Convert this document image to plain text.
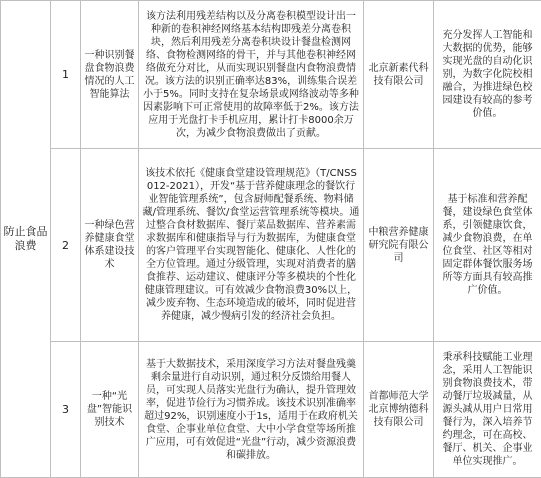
防止食品浪费	1	一种识别餐盘食物浪费情况的人工智能算法	该方法利用残差结构以及分离卷积模型设计出一种新的卷积神经网络基本结构即残差分离卷积块，然后利用残差分离卷积块设计餐盘检测网络、食物检测网络的骨干，并与其他卷积神经网络做充分对比，从而实现识别餐盘内食物浪费情况。该方法的识别正确率达83%，训练集合误差小于5%。同时支持在复杂场景或网络波动等多种因素影响下可正常使用的故障率低于2%。该方法应用于光盘打卡手机应用，累计打卡8000余万次，为减少食物浪费做出了贡献。	北京新素代科技有限公司	充分发挥人工智能和大数据的优势，能够实现光盘的自动化识别，为数字化院校相融合，为推进绿色校园建设有较高的参考价值。
	2	一种绿色营养健康食堂体系建设技术	该技术依托《健康食堂建设管理规范》（T/CNSS 012-2021），开发“基于营养健康理念的餐饮行业智能管理系统”，包含厨师配餐系统、物料储藏/管理系统、餐饮/食堂运营管理系统等模块。通过整合食材数据库、餐厅菜品数据库、营养素需求数据库和健康指导与行为数据库，为健康食堂的客户管理平台实现智能化、健康化、人性化的全方位管理。通过分级管理，实现对消费者的膳食推荐、运动建议、健康评分等多模块的个性化健康管理建议。可有效减少食物浪费30%以上，减少废弃物、生态环境造成的破坏，同时促进营养健康，减少慢病引发的经济社会负担。	中粮营养健康研究院有限公司	基于标准和营养配餐，建设绿色食堂体系，引领健康饮食，减少食物浪费，在单位食堂、社区等相对固定群体餐饮服务场所等方面具有较高推广价值。
	3	一种“光盘”智能识别技术	基于大数据技术，采用深度学习方法对餐盘残羹剩余量进行自动识别，通过积分反馈给用餐人员，可实现人员落实光盘行为确认，提升管理效率，促进节俭行为习惯养成。该技术识别准确率超过92%，识别速度小于1s，适用于在政府机关食堂、企事业单位食堂、大中小学食堂等场所推广应用，可有效促进“光盘”行动，减少资源浪费和碳排放。	首都师范大学北京博纳德科技有限公司	秉承科技赋能工业理念，采用人工智能识别食物浪费技术，带动餐厅垃圾减量，从源头减从用户日常用餐行为，深入培养节约理念，可在高校、餐厅、机关、企事业单位实现推广。
